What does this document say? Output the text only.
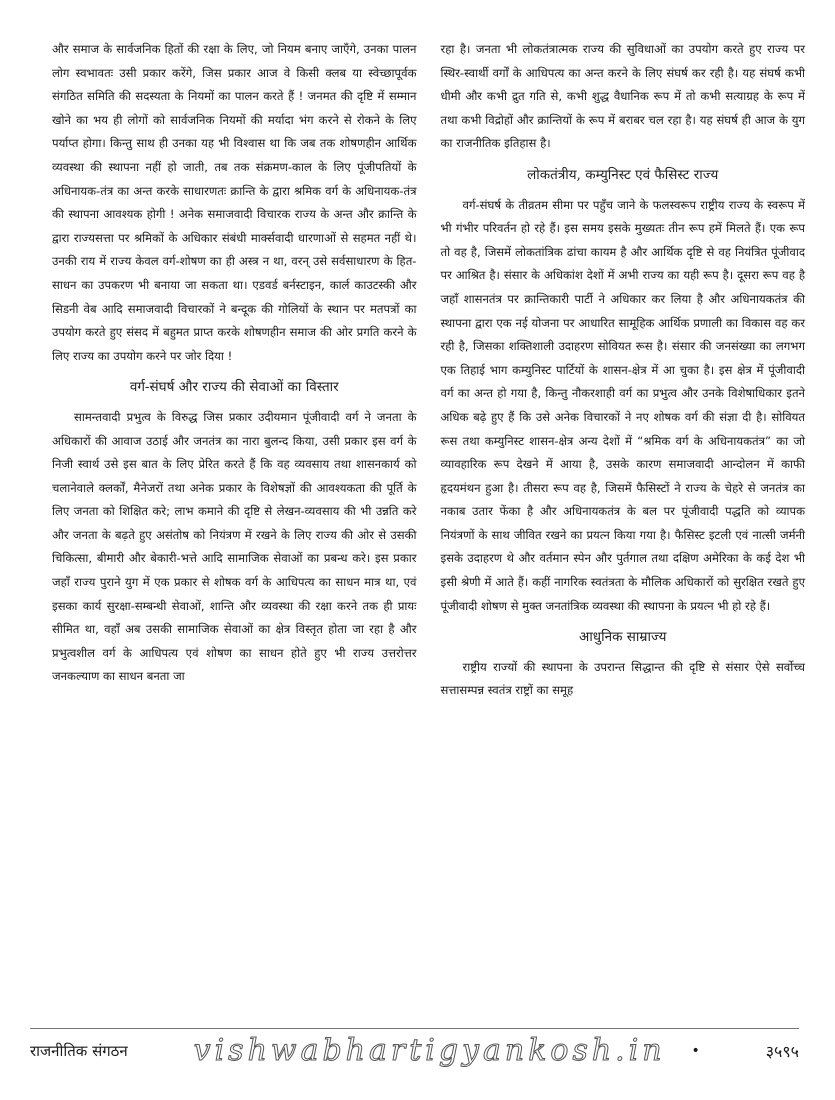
और समाज के सार्वजनिक हितों की रक्षा के लिए, जो नियम बनाए जाएँगे, उनका पालन लोग स्वभावतः उसी प्रकार करेंगे, जिस प्रकार आज वे किसी क्लब या स्वेच्छापूर्वक संगठित समिति की सदस्यता के नियमों का पालन करते हैं ! जनमत की दृष्टि में सम्मान खोने का भय ही लोगों को सार्वजनिक नियमों की मर्यादा भंग करने से रोकने के लिए पर्याप्त होगा। किन्तु साथ ही उनका यह भी विश्वास था कि जब तक शोषणहीन आर्थिक व्यवस्था की स्थापना नहीं हो जाती, तब तक संक्रमण-काल के लिए पूंजीपतियों के अधिनायक-तंत्र का अन्त करके साधारणतः क्रान्ति के द्वारा श्रमिक वर्ग के अधिनायक-तंत्र की स्थापना आवश्यक होगी ! अनेक समाजवादी विचारक राज्य के अन्त और क्रान्ति के द्वारा राज्यसत्ता पर श्रमिकों के अधिकार संबंधी मार्क्सवादी धारणाओं से सहमत नहीं थे। उनकी राय में राज्य केवल वर्ग-शोषण का ही अस्त्र न था, वरन् उसे सर्वसाधारण के हित-साधन का उपकरण भी बनाया जा सकता था। एडवर्ड बर्नस्टाइन, कार्ल काउटस्की और सिडनी वेब आदि समाजवादी विचारकों ने बन्दूक की गोलियों के स्थान पर मतपत्रों का उपयोग करते हुए संसद में बहुमत प्राप्त करके शोषणहीन समाज की ओर प्रगति करने के लिए राज्य का उपयोग करने पर जोर दिया !

वर्ग-संघर्ष और राज्य की सेवाओं का विस्तार

सामन्तवादी प्रभुत्व के विरुद्ध जिस प्रकार उदीयमान पूंजीवादी वर्ग ने जनता के अधिकारों की आवाज उठाई और जनतंत्र का नारा बुलन्द किया, उसी प्रकार इस वर्ग के निजी स्वार्थ उसे इस बात के लिए प्रेरित करते हैं कि वह व्यवसाय तथा शासनकार्य को चलानेवाले क्लर्कों, मैनेजरों तथा अनेक प्रकार के विशेषज्ञों की आवश्यकता की पूर्ति के लिए जनता को शिक्षित करे; लाभ कमाने की दृष्टि से लेखन-व्यवसाय की भी उन्नति करे और जनता के बढ़ते हुए असंतोष को नियंत्रण में रखने के लिए राज्य की ओर से उसकी चिकित्सा, बीमारी और बेकारी-भत्ते आदि सामाजिक सेवाओं का प्रबन्ध करे। इस प्रकार जहाँ राज्य पुराने युग में एक प्रकार से शोषक वर्ग के आधिपत्य का साधन मात्र था, एवं इसका कार्य सुरक्षा-सम्बन्धी सेवाओं, शान्ति और व्यवस्था की रक्षा करने तक ही प्रायः सीमित था, वहाँ अब उसकी सामाजिक सेवाओं का क्षेत्र विस्तृत होता जा रहा है और प्रभुत्वशील वर्ग के आधिपत्य एवं शोषण का साधन होते हुए भी राज्य उत्तरोत्तर जनकल्याण का साधन बनता जा

रहा है। जनता भी लोकतंत्रात्मक राज्य की सुविधाओं का उपयोग करते हुए राज्य पर स्थिर-स्वार्थी वर्गों के आधिपत्य का अन्त करने के लिए संघर्ष कर रही है। यह संघर्ष कभी धीमी और कभी द्रुत गति से, कभी शुद्ध वैधानिक रूप में तो कभी सत्याग्रह के रूप में तथा कभी विद्रोहों और क्रान्तियों के रूप में बराबर चल रहा है। यह संघर्ष ही आज के युग का राजनीतिक इतिहास है।

लोकतंत्रीय, कम्युनिस्ट एवं फैसिस्ट राज्य

वर्ग-संघर्ष के तीव्रतम सीमा पर पहुँच जाने के फलस्वरूप राष्ट्रीय राज्य के स्वरूप में भी गंभीर परिवर्तन हो रहे हैं। इस समय इसके मुख्यतः तीन रूप हमें मिलते हैं। एक रूप तो वह है, जिसमें लोकतांत्रिक ढांचा कायम है और आर्थिक दृष्टि से वह नियंत्रित पूंजीवाद पर आश्रित है। संसार के अधिकांश देशों में अभी राज्य का यही रूप है। दूसरा रूप वह है जहाँ शासनतंत्र पर क्रान्तिकारी पार्टी ने अधिकार कर लिया है और अधिनायकतंत्र की स्थापना द्वारा एक नई योजना पर आधारित सामूहिक आर्थिक प्रणाली का विकास वह कर रही है, जिसका शक्तिशाली उदाहरण सोवियत रूस है। संसार की जनसंख्या का लगभग एक तिहाई भाग कम्युनिस्ट पार्टियों के शासन-क्षेत्र में आ चुका है। इस क्षेत्र में पूंजीवादी वर्ग का अन्त हो गया है, किन्तु नौकरशाही वर्ग का प्रभुत्व और उनके विशेषाधिकार इतने अधिक बढ़े हुए हैं कि उसे अनेक विचारकों ने नए शोषक वर्ग की संज्ञा दी है। सोवियत रूस तथा कम्युनिस्ट शासन-क्षेत्र अन्य देशों में “श्रमिक वर्ग के अधिनायकतंत्र” का जो व्यावहारिक रूप देखने में आया है, उसके कारण समाजवादी आन्दोलन में काफी हृदयमंथन हुआ है। तीसरा रूप वह है, जिसमें फैसिस्टों ने राज्य के चेहरे से जनतंत्र का नकाब उतार फेंका है और अधिनायकतंत्र के बल पर पूंजीवादी पद्धति को व्यापक नियंत्रणों के साथ जीवित रखने का प्रयत्न किया गया है। फैसिस्ट इटली एवं नात्सी जर्मनी इसके उदाहरण थे और वर्तमान स्पेन और पुर्तगाल तथा दक्षिण अमेरिका के कई देश भी इसी श्रेणी में आते हैं। कहीं नागरिक स्वतंत्रता के मौलिक अधिकारों को सुरक्षित रखते हुए पूंजीवादी शोषण से मुक्त जनतांत्रिक व्यवस्था की स्थापना के प्रयत्न भी हो रहे हैं।

आधुनिक साम्राज्य

राष्ट्रीय राज्यों की स्थापना के उपरान्त सिद्धान्त की दृष्टि से संसार ऐसे सर्वोच्च सत्तासम्पन्न स्वतंत्र राष्ट्रों का समूह

राजनीतिक संगठन vishwabhartigyankosh.in •	३५९५
